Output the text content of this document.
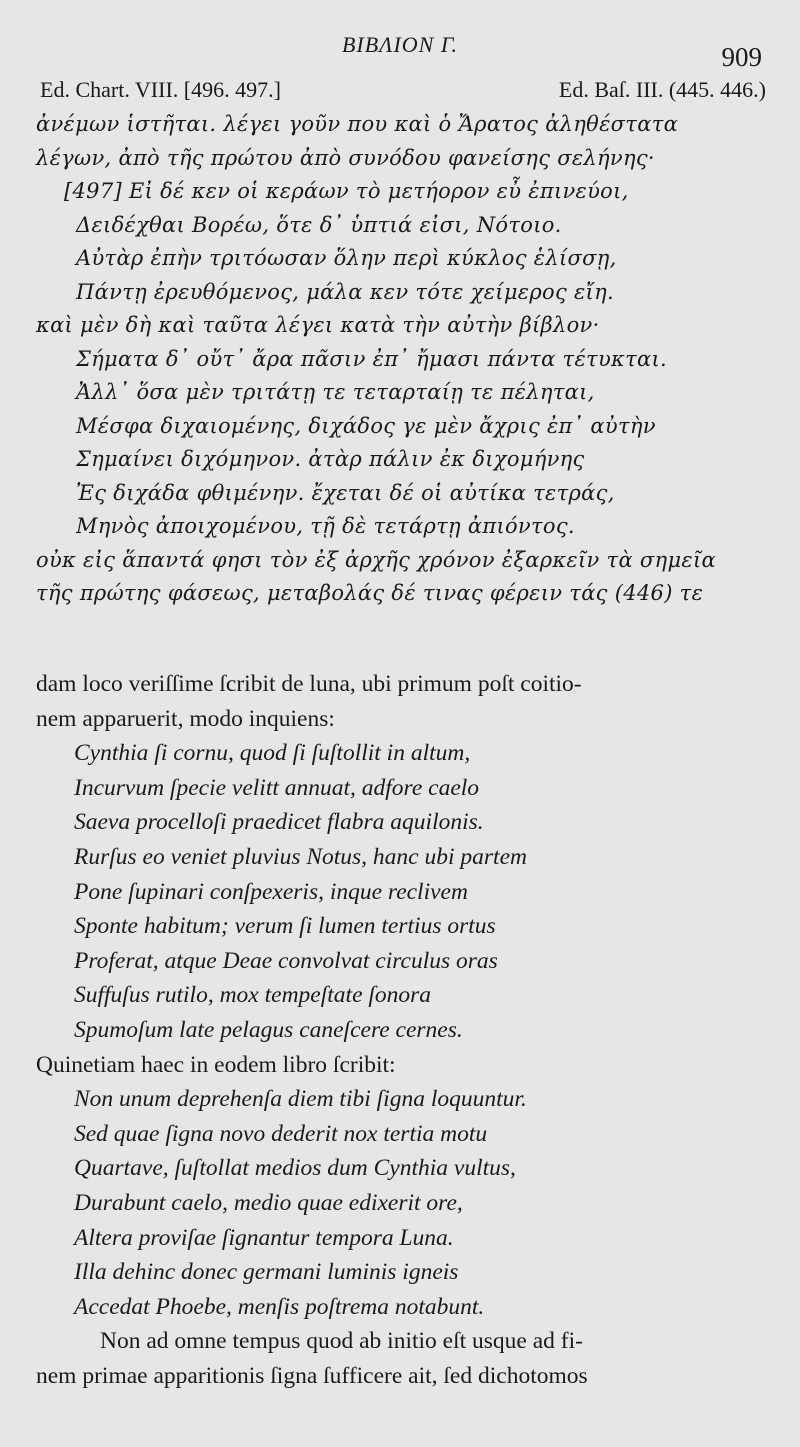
ΒΙΒΛΙΟΝ Γ.	909
Ed. Chart. VIII. [496. 497.]	Ed. Baſ. III. (445. 446.)
ἀνέμων ἱστῆται. λέγει γοῦν που καὶ ὁ Ἄρατος ἀληθέστατα
λέγων, ἀπὸ τῆς πρώτου ἀπὸ συνόδου φανείσης σελήνης·
[497] Εἰ δέ κεν οἱ κεράων τὸ μετήορον εὖ ἐπινεύοι,
Δειδέχθαι Βορέω, ὅτε δ᾽ ὑπτιά εἰσι, Νότοιο.
Αὐτὰρ ἐπὴν τριτόωσαν ὅλην περὶ κύκλος ἑλίσσῃ,
Πάντῃ ἐρευθόμενος, μάλα κεν τότε χείμερος εἴη.
καὶ μὲν δὴ καὶ ταῦτα λέγει κατὰ τὴν αὐτὴν βίβλον·
Σήματα δ᾽ οὔτ᾽ ἄρα πᾶσιν ἐπ᾽ ἤμασι πάντα τέτυκται.
Ἀλλ᾽ ὅσα μὲν τριτάτῃ τε τεταρταίῃ τε πέληται,
Μέσφα διχαιομένης, διχάδος γε μὲν ἄχρις ἐπ᾽ αὐτὴν
Σημαίνει διχόμηνον. ἀτὰρ πάλιν ἐκ διχομήνης
Ἐς διχάδα φθιμένην. ἔχεται δέ οἱ αὐτίκα τετράς,
Μηνὸς ἀποιχομένου, τῇ δὲ τετάρτῃ ἀπιόντος.
οὐκ εἰς ἅπαντά φησι τὸν ἐξ ἀρχῆς χρόνον ἐξαρκεῖν τὰ σημεῖα
τῆς πρώτης φάσεως, μεταβολάς δέ τινας φέρειν τάς (446) τε
dam loco veriſſime ſcribit de luna, ubi primum poſt coitio-
nem apparuerit, modo inquiens:
Cynthia ſi cornu, quod ſi ſuſtollit in altum,
Incurvum ſpecie velitt annuat, adfore caelo
Saeva procelloſi praedicet flabra aquilonis.
Rurſus eo veniet pluvius Notus, hanc ubi partem
Pone ſupinari conſpexeris, inque reclivem
Sponte habitum; verum ſi lumen tertius ortus
Proferat, atque Deae convolvat circulus oras
Suffuſus rutilo, mox tempeſtate ſonora
Spumoſum late pelagus caneſcere cernes.
Quinetiam haec in eodem libro ſcribit:
Non unum deprehenſa diem tibi ſigna loquuntur.
Sed quae ſigna novo dederit nox tertia motu
Quartave, ſuſtollat medios dum Cynthia vultus,
Durabunt caelo, medio quae edixerit ore,
Altera proviſae ſignantur tempora Luna.
Illa dehinc donec germani luminis igneis
Accedat Phoebe, menſis poſtrema notabunt.
Non ad omne tempus quod ab initio eſt usque ad fi-
nem primae apparitionis ſigna ſufficere ait, ſed dichotomos
